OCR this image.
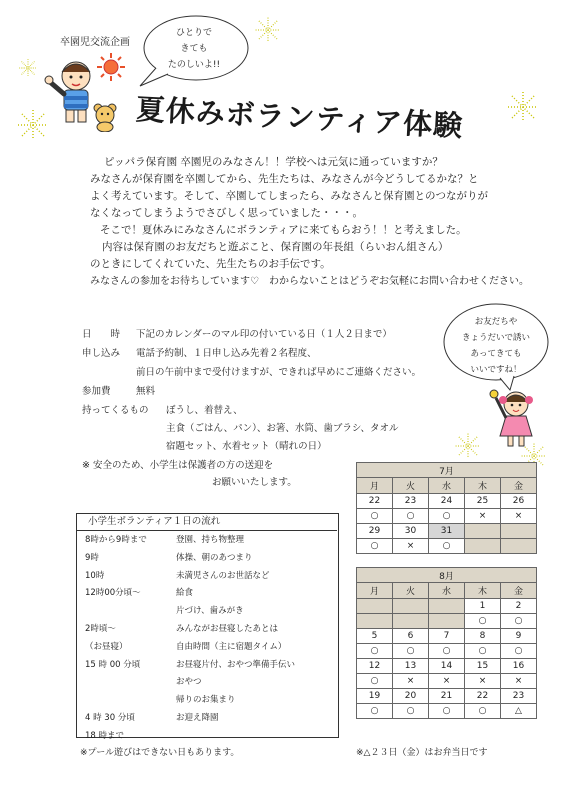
卒園児交流企画
ひとりで
きても
たのしいよ!!
夏休みボランティア体験
ピッパラ保育園 卒園児のみなさん！！学校へは元気に通っていますか？
みなさんが保育園を卒園してから、先生たちは、みなさんが今どうしてるかな？と
よく考えています。そして、卒園してしまったら、みなさんと保育園とのつながりが
なくなってしまうようでさびしく思っていました・・・。
そこで！夏休みにみなさんにボランティアに来てもらおう！！と考えました。
内容は保育園のお友だちと遊ぶこと、保育園の年長組（らいおん組さん）
のときにしてくれていた、先生たちのお手伝です。
みなさんの参加をお待ちしています♡　わからないことはどうぞお気軽にお問い合わせください。
お友だちや
きょうだいで誘い
あってきても
いいですね！
日　　時 下記のカレンダーのマル印の付いている日（１人２日まで）
申し込み 電話予約制、１日申し込み先着２名程度、
前日の午前中まで受付けますが、できれば早めにご連絡ください。
参加費	無料
持ってくるもの ぼうし、着替え、
主食（ごはん、パン）、お箸、水筒、歯ブラシ、タオル
宿題セット、水着セット（晴れの日）
※ 安全のため、小学生は保護者の方の送迎を
お願いいたします。
小学生ボランティア１日の流れ
8時から9時まで	登園、持ち物整理
9時	体操、朝のあつまり
10時	未満児さんのお世話など
12時00分頃～	給食
片づけ、歯みがき
2時頃～	みんながお昼寝したあとは
（お昼寝）	自由時間（主に宿題タイム）
15 時 00 分頃	お昼寝片付、おやつ準備手伝い
おやつ
帰りのお集まり
4 時 30 分頃	お迎え降園
18 時まで
※プール遊びはできない日もあります。
7月				
月	火	水	木	金
22	23	24	25	26
○	○	○	×	×
29	30	31		
○	×	○		
8月				
月	火	水	木	金
			1	2
			○	○
5	6	7	8	9
○	○	○	○	○
12	13	14	15	16
○	×	×	×	×
19	20	21	22	23
○	○	○	○	△
※△２３日（金）はお弁当日です
